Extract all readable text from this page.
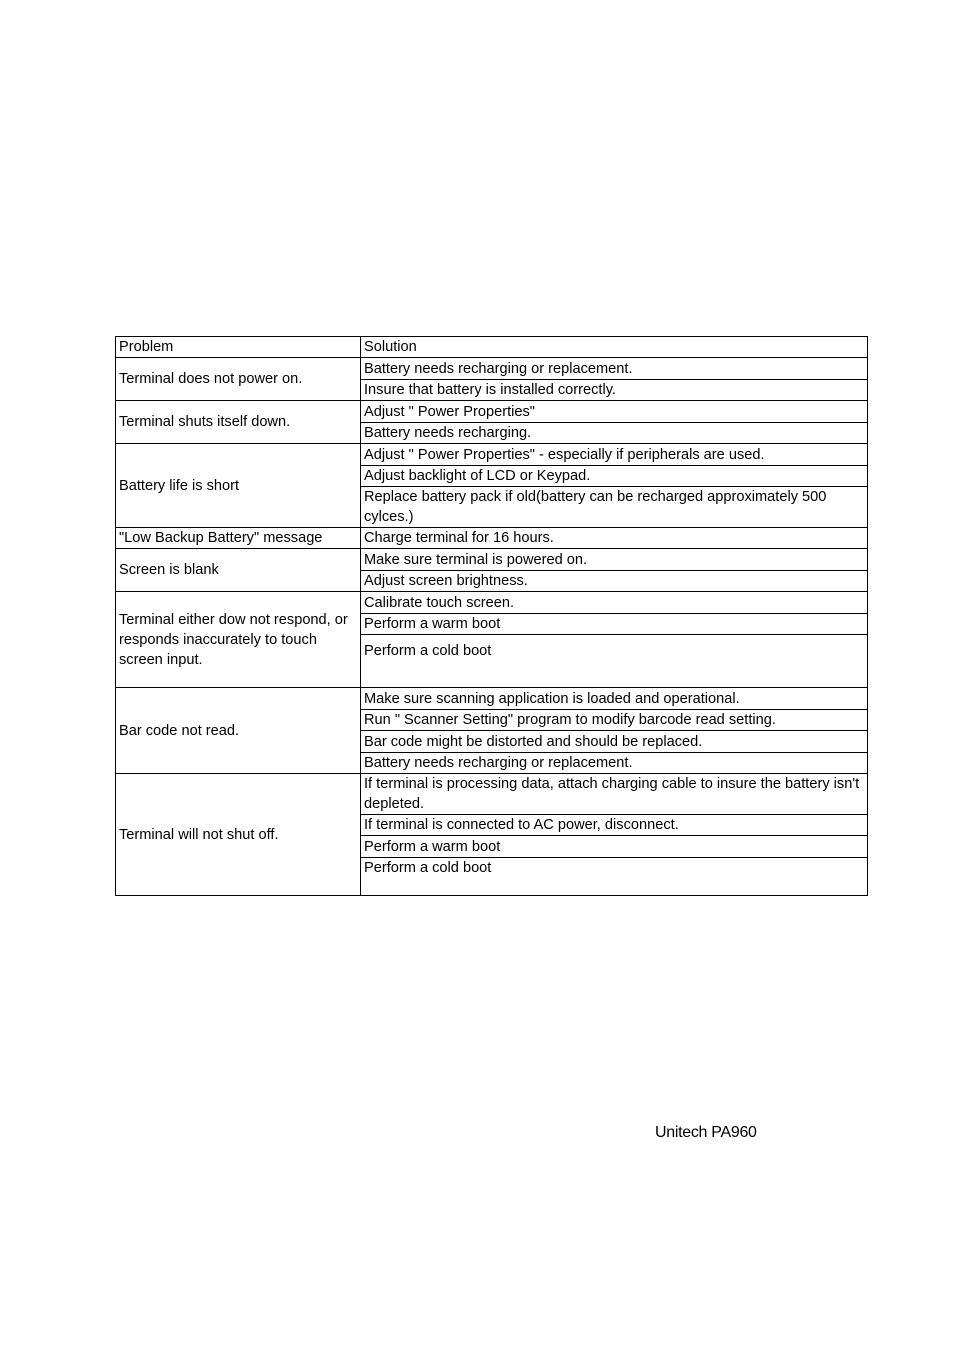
Problem	Solution
Terminal does not power on.	Battery needs recharging or replacement.
	Insure that battery is installed correctly.
Terminal shuts itself down.	Adjust " Power Properties"
	Battery needs recharging.
Battery life is short	Adjust " Power Properties" - especially if peripherals are used.
	Adjust backlight of LCD or Keypad.
	Replace battery pack if old(battery can be recharged approximately 500 cylces.)
"Low Backup Battery" message	Charge terminal for 16 hours.
Screen is blank	Make sure terminal is powered on.
	Adjust screen brightness.
Terminal either dow not respond, or responds inaccurately to touch screen input.	Calibrate touch screen.
	Perform a warm boot
	Perform a cold boot
Bar code not read.	Make sure scanning application is loaded and operational.
	Run " Scanner Setting" program to modify barcode read setting.
	Bar code might be distorted and should be replaced.
	Battery needs recharging or replacement.
Terminal will not shut off.	If terminal is processing data, attach charging cable to insure the battery isn't depleted.
	If terminal is connected to AC power, disconnect.
	Perform a warm boot
	Perform a cold boot
Unitech PA960
